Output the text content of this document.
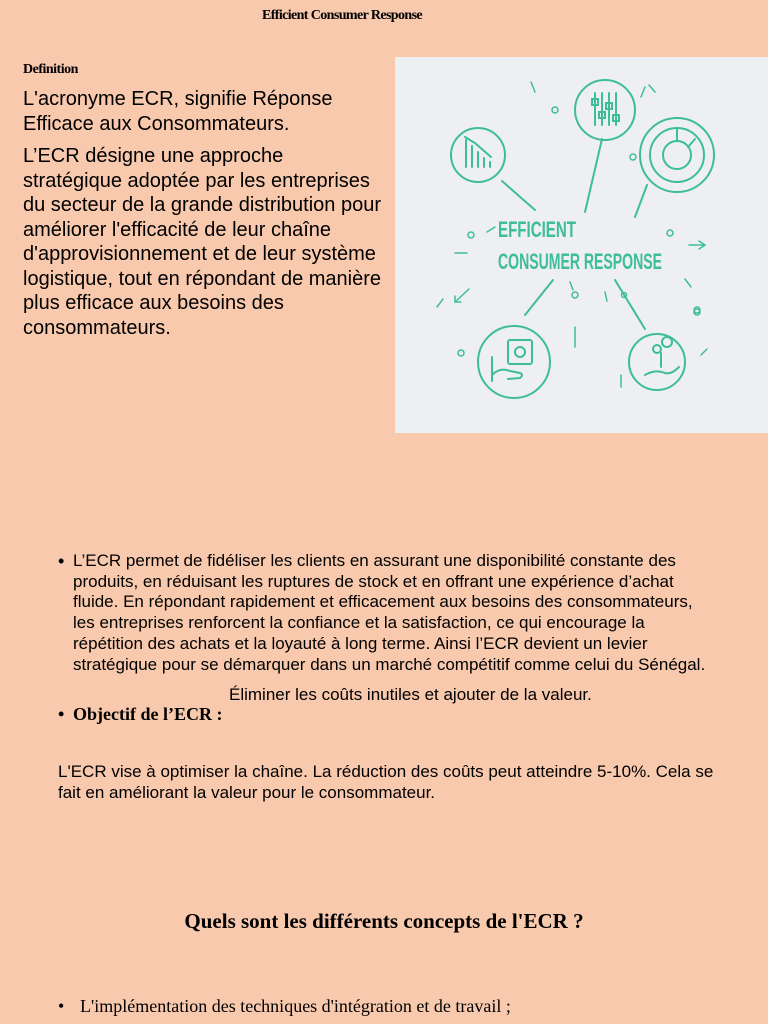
Efficient Consumer Response
Definition
L'acronyme ECR, signifie Réponse Efficace aux Consommateurs.
L’ECR désigne une approche stratégique adoptée par les entreprises du secteur de la grande distribution pour améliorer l'efficacité de leur chaîne d'approvisionnement et de leur système logistique, tout en répondant de manière plus efficace aux besoins des consommateurs.
EFFICIENT
CONSUMER RESPONSE
• L’ECR permet de fidéliser les clients en assurant une disponibilité constante des produits, en réduisant les ruptures de stock et en offrant une expérience d’achat fluide. En répondant rapidement et efficacement aux besoins des consommateurs, les entreprises renforcent la confiance et la satisfaction, ce qui encourage la répétition des achats et la loyauté à long terme. Ainsi l’ECR devient un levier stratégique pour se démarquer dans un marché compétitif comme celui du Sénégal.
Éliminer les coûts inutiles et ajouter de la valeur.
• Objectif de l’ECR :
L'ECR vise à optimiser la chaîne. La réduction des coûts peut atteindre 5-10%. Cela se fait en améliorant la valeur pour le consommateur.
Quels sont les différents concepts de l'ECR ?
• L'implémentation des techniques d'intégration et de travail ;
